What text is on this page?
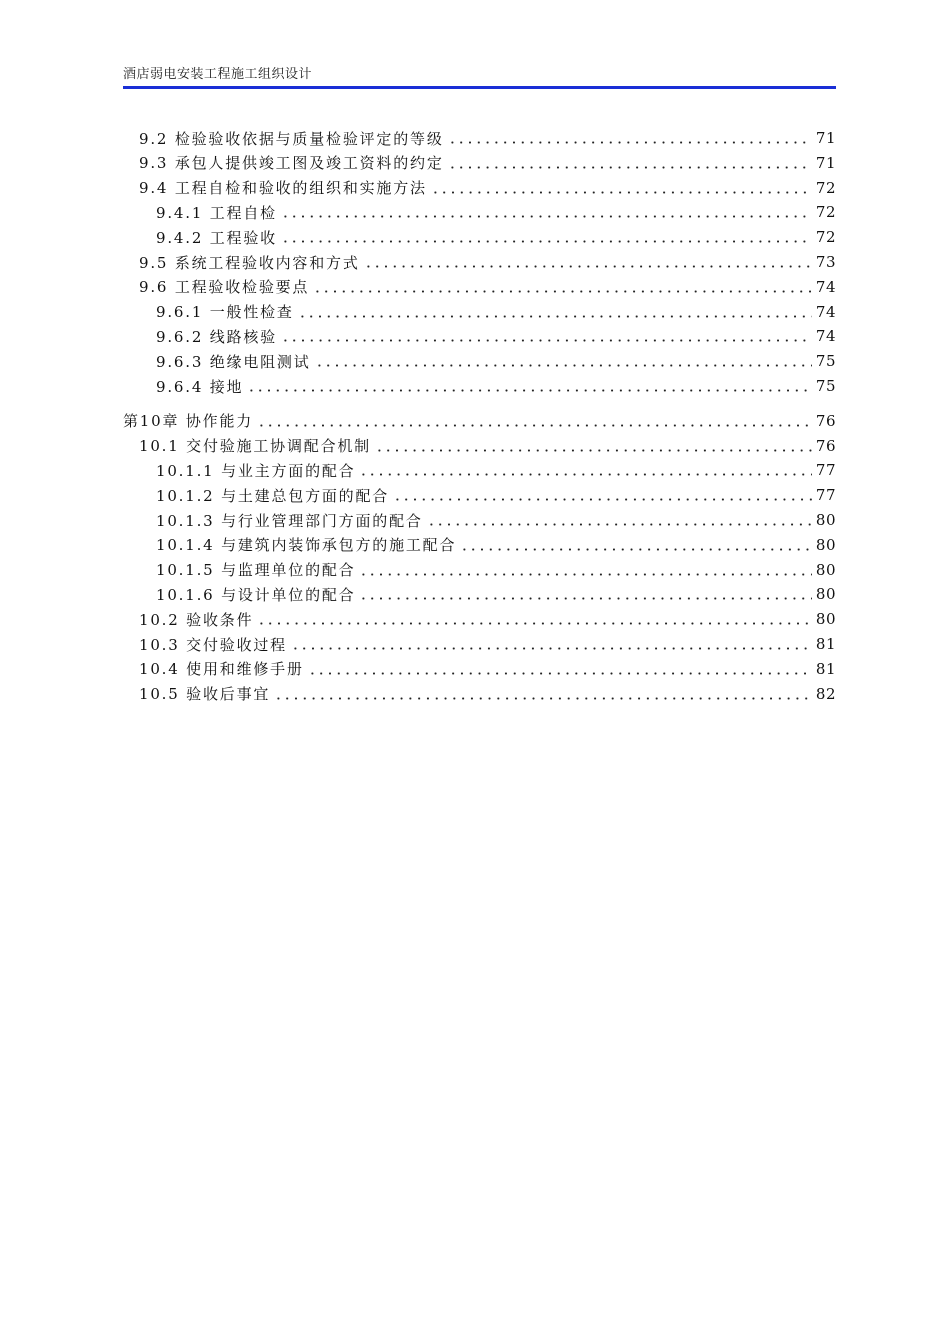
酒店弱电安装工程施工组织设计
9.2 检验验收依据与质量检验评定的等级	71
9.3 承包人提供竣工图及竣工资料的约定	71
9.4 工程自检和验收的组织和实施方法	72
9.4.1 工程自检	72
9.4.2 工程验收	72
9.5 系统工程验收内容和方式	73
9.6 工程验收检验要点	74
9.6.1 一般性检查	74
9.6.2 线路核验	74
9.6.3 绝缘电阻测试	75
9.6.4 接地	75
第10章 协作能力	76
10.1 交付验施工协调配合机制	76
10.1.1 与业主方面的配合	77
10.1.2 与土建总包方面的配合	77
10.1.3 与行业管理部门方面的配合	80
10.1.4 与建筑内装饰承包方的施工配合	80
10.1.5 与监理单位的配合	80
10.1.6 与设计单位的配合	80
10.2 验收条件	80
10.3 交付验收过程	81
10.4 使用和维修手册	81
10.5 验收后事宜	82
